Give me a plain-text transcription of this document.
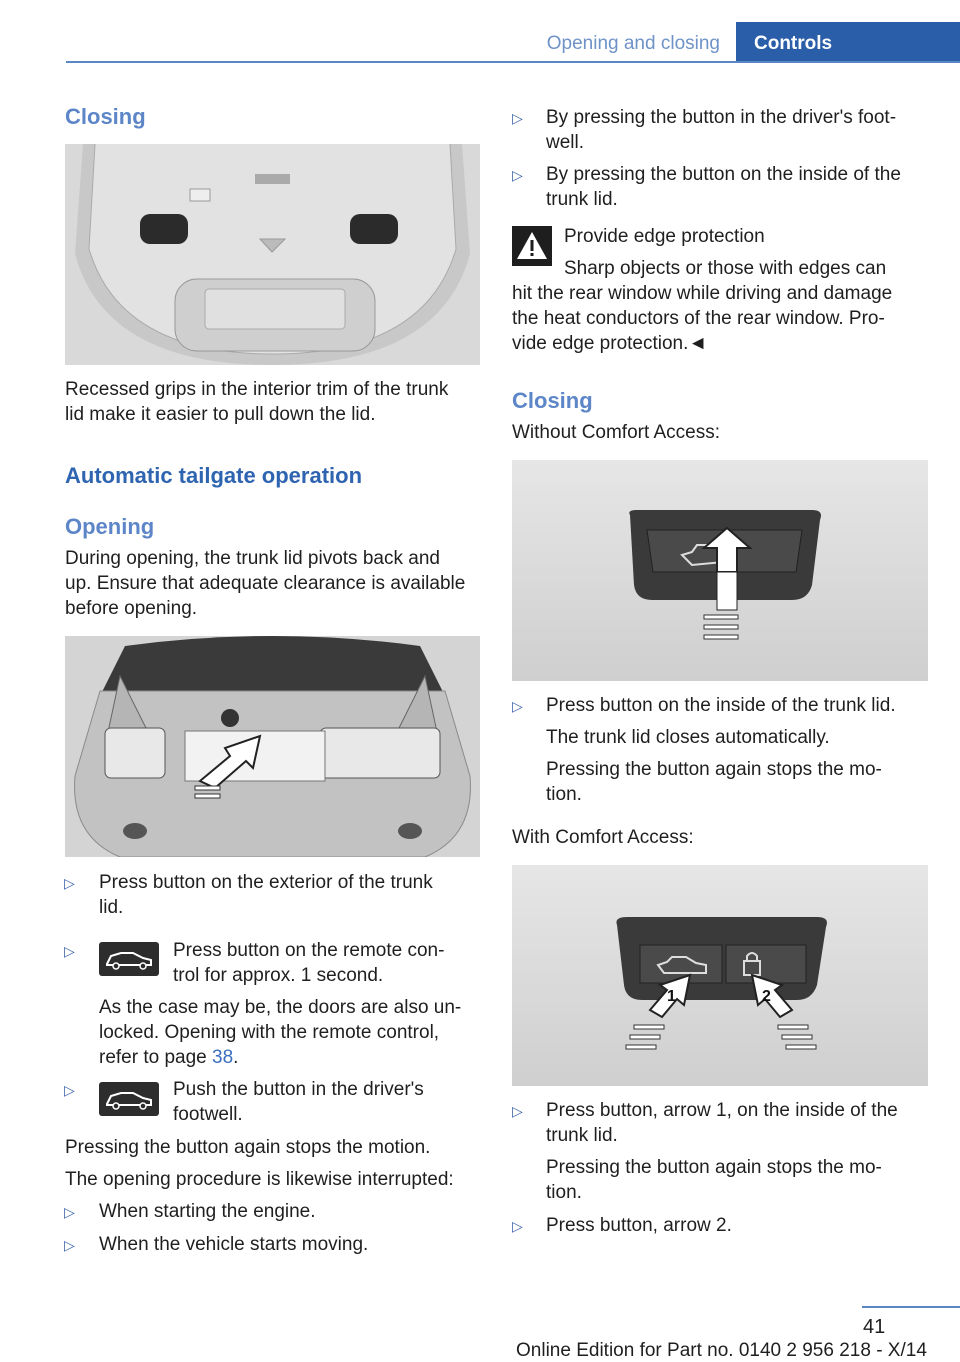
Opening and closing Controls
Closing
Recessed grips in the interior trim of the trunk
lid make it easier to pull down the lid.
Automatic tailgate operation
Opening
During opening, the trunk lid pivots back and
up. Ensure that adequate clearance is available
before opening.
▷ Press button on the exterior of the trunk
lid.
▷	Press button on the remote con-
trol for approx. 1 second.
As the case may be, the doors are also un-
locked. Opening with the remote control,
refer to page 38.
▷	Push the button in the driver's
footwell.
Pressing the button again stops the motion.
The opening procedure is likewise interrupted:
▷ When starting the engine.
▷ When the vehicle starts moving.
▷ By pressing the button in the driver's foot-
well.
▷ By pressing the button on the inside of the
trunk lid.
Provide edge protection
Sharp objects or those with edges can
hit the rear window while driving and damage
the heat conductors of the rear window. Pro-
vide edge protection.◄
Closing
Without Comfort Access:
▷ Press button on the inside of the trunk lid.
The trunk lid closes automatically.
Pressing the button again stops the mo-
tion.
With Comfort Access:
1	2
▷ Press button, arrow 1, on the inside of the
trunk lid.
Pressing the button again stops the mo-
tion.
▷ Press button, arrow 2.
41
Online Edition for Part no. 0140 2 956 218 - X/14
